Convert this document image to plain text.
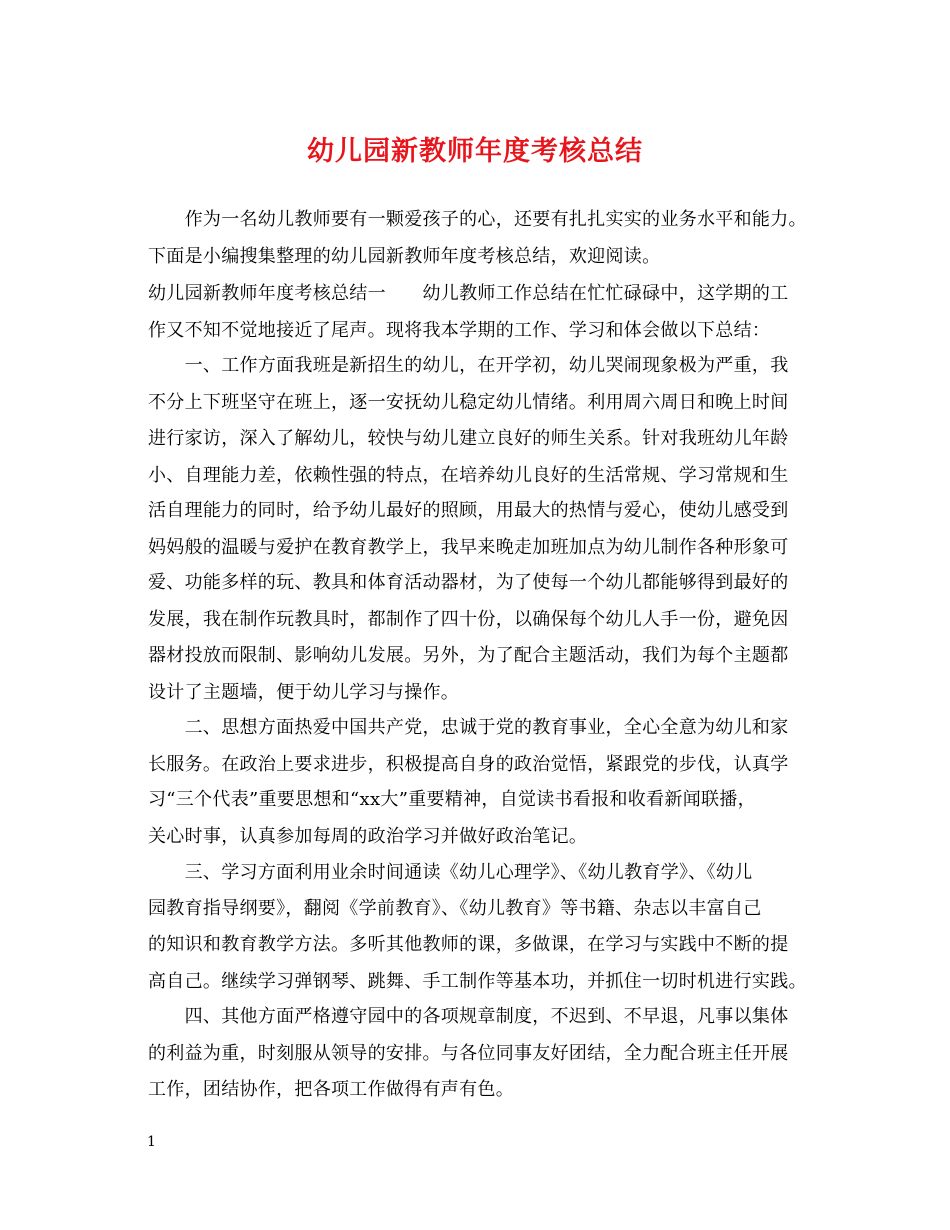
幼儿园新教师年度考核总结
　　作为一名幼儿教师要有一颗爱孩子的心，还要有扎扎实实的业务水平和能力。
下面是小编搜集整理的幼儿园新教师年度考核总结，欢迎阅读。
幼儿园新教师年度考核总结一　　幼儿教师工作总结在忙忙碌碌中，这学期的工
作又不知不觉地接近了尾声。现将我本学期的工作、学习和体会做以下总结：
　　一、工作方面我班是新招生的幼儿，在开学初，幼儿哭闹现象极为严重，我
不分上下班坚守在班上，逐一安抚幼儿稳定幼儿情绪。利用周六周日和晚上时间
进行家访，深入了解幼儿，较快与幼儿建立良好的师生关系。针对我班幼儿年龄
小、自理能力差，依赖性强的特点，在培养幼儿良好的生活常规、学习常规和生
活自理能力的同时，给予幼儿最好的照顾，用最大的热情与爱心，使幼儿感受到
妈妈般的温暖与爱护在教育教学上，我早来晚走加班加点为幼儿制作各种形象可
爱、功能多样的玩、教具和体育活动器材，为了使每一个幼儿都能够得到最好的
发展，我在制作玩教具时，都制作了四十份，以确保每个幼儿人手一份，避免因
器材投放而限制、影响幼儿发展。另外，为了配合主题活动，我们为每个主题都
设计了主题墙，便于幼儿学习与操作。
　　二、思想方面热爱中国共产党，忠诚于党的教育事业，全心全意为幼儿和家
长服务。在政治上要求进步，积极提高自身的政治觉悟，紧跟党的步伐，认真学
习“三个代表”重要思想和“xx大”重要精神，自觉读书看报和收看新闻联播，
关心时事，认真参加每周的政治学习并做好政治笔记。
　　三、学习方面利用业余时间通读《幼儿心理学》、《幼儿教育学》、《幼儿
园教育指导纲要》，翻阅《学前教育》、《幼儿教育》等书籍、杂志以丰富自己
的知识和教育教学方法。多听其他教师的课，多做课，在学习与实践中不断的提
高自己。继续学习弹钢琴、跳舞、手工制作等基本功，并抓住一切时机进行实践。
　　四、其他方面严格遵守园中的各项规章制度，不迟到、不早退，凡事以集体
的利益为重，时刻服从领导的安排。与各位同事友好团结，全力配合班主任开展
工作，团结协作，把各项工作做得有声有色。
1
